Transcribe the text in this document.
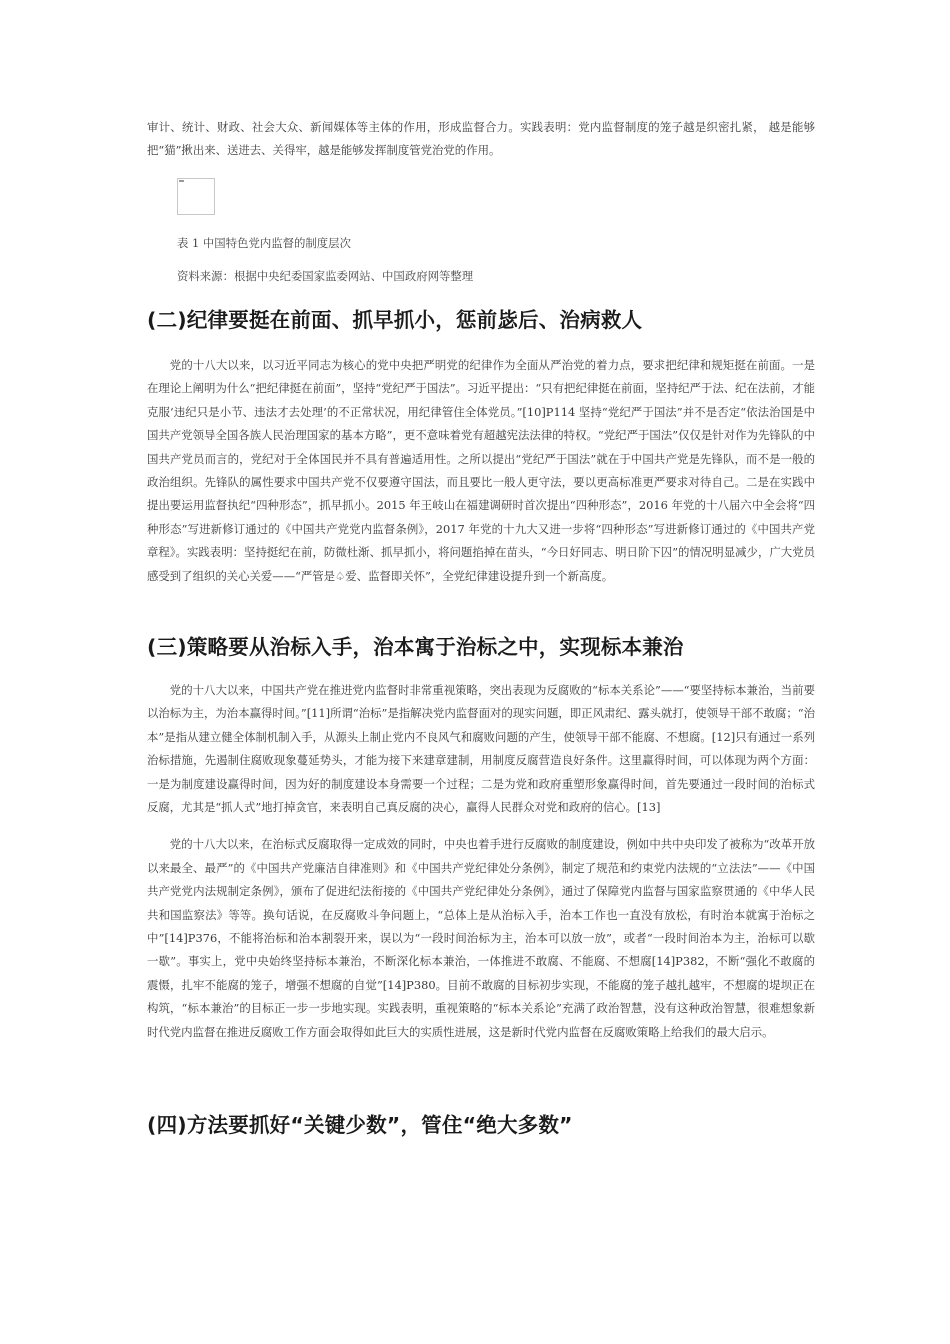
审计、统计、财政、社会大众、新闻媒体等主体的作用，形成监督合力。实践表明：党内监督制度的笼子越是织密扎紧， 越是能够把“猫”揪出来、送进去、关得牢，越是能够发挥制度管党治党的作用。

表 1 中国特色党内监督的制度层次
资料来源：根据中央纪委国家监委网站、中国政府网等整理
(二)纪律要挺在前面、抓早抓小，惩前毖后、治病救人

党的十八大以来，以习近平同志为核心的党中央把严明党的纪律作为全面从严治党的着力点，要求把纪律和规矩挺在前面。一是在理论上阐明为什么“把纪律挺在前面”，坚持“党纪严于国法”。习近平提出：“只有把纪律挺在前面，坚持纪严于法、纪在法前，才能克服‘违纪只是小节、违法才去处理’的不正常状况，用纪律管住全体党员。”[10]P114 坚持“党纪严于国法”并不是否定“依法治国是中国共产党领导全国各族人民治理国家的基本方略”，更不意味着党有超越宪法法律的特权。“党纪严于国法”仅仅是针对作为先锋队的中国共产党员而言的，党纪对于全体国民并不具有普遍适用性。之所以提出“党纪严于国法”就在于中国共产党是先锋队，而不是一般的政治组织。先锋队的属性要求中国共产党不仅要遵守国法，而且要比一般人更守法，要以更高标准更严要求对待自己。二是在实践中提出要运用监督执纪“四种形态”，抓早抓小。2015 年王岐山在福建调研时首次提出“四种形态”，2016 年党的十八届六中全会将“四种形态”写进新修订通过的《中国共产党党内监督条例》，2017 年党的十九大又进一步将“四种形态”写进新修订通过的《中国共产党章程》。实践表明：坚持挺纪在前，防微杜渐、抓早抓小，将问题掐掉在苗头，“今日好同志、明日阶下囚”的情况明显减少，广大党员感受到了组织的关心关爱——“严管是♤爱、监督即关怀”，全党纪律建设提升到一个新高度。

(三)策略要从治标入手，治本寓于治标之中，实现标本兼治

党的十八大以来，中国共产党在推进党内监督时非常重视策略，突出表现为反腐败的“标本关系论”——“要坚持标本兼治，当前要以治标为主，为治本赢得时间。”[11]所谓“治标”是指解决党内监督面对的现实问题，即正风肃纪、露头就打，使领导干部不敢腐；“治本”是指从建立健全体制机制入手，从源头上制止党内不良风气和腐败问题的产生，使领导干部不能腐、不想腐。[12]只有通过一系列治标措施，先遏制住腐败现象蔓延势头，才能为接下来建章建制，用制度反腐营造良好条件。这里赢得时间，可以体现为两个方面：一是为制度建设赢得时间，因为好的制度建设本身需要一个过程；二是为党和政府重塑形象赢得时间，首先要通过一段时间的治标式反腐，尤其是“抓人式”地打掉贪官，来表明自己真反腐的决心，赢得人民群众对党和政府的信心。[13]

党的十八大以来，在治标式反腐取得一定成效的同时，中央也着手进行反腐败的制度建设，例如中共中央印发了被称为“改革开放以来最全、最严”的《中国共产党廉洁自律准则》和《中国共产党纪律处分条例》，制定了规范和约束党内法规的“立法法”——《中国共产党党内法规制定条例》，颁布了促进纪法衔接的《中国共产党纪律处分条例》，通过了保障党内监督与国家监察贯通的《中华人民共和国监察法》等等。换句话说，在反腐败斗争问题上，“总体上是从治标入手，治本工作也一直没有放松，有时治本就寓于治标之中”[14]P376，不能将治标和治本割裂开来，误以为“一段时间治标为主，治本可以放一放”，或者“一段时间治本为主，治标可以歇一歇”。事实上，党中央始终坚持标本兼治，不断深化标本兼治，一体推进不敢腐、不能腐、不想腐[14]P382，不断“强化不敢腐的震慑，扎牢不能腐的笼子，增强不想腐的自觉”[14]P380。目前不敢腐的目标初步实现，不能腐的笼子越扎越牢，不想腐的堤坝正在构筑，“标本兼治”的目标正一步一步地实现。实践表明，重视策略的“标本关系论”充满了政治智慧，没有这种政治智慧，很难想象新时代党内监督在推进反腐败工作方面会取得如此巨大的实质性进展，这是新时代党内监督在反腐败策略上给我们的最大启示。

(四)方法要抓好“关键少数”，管住“绝大多数”
